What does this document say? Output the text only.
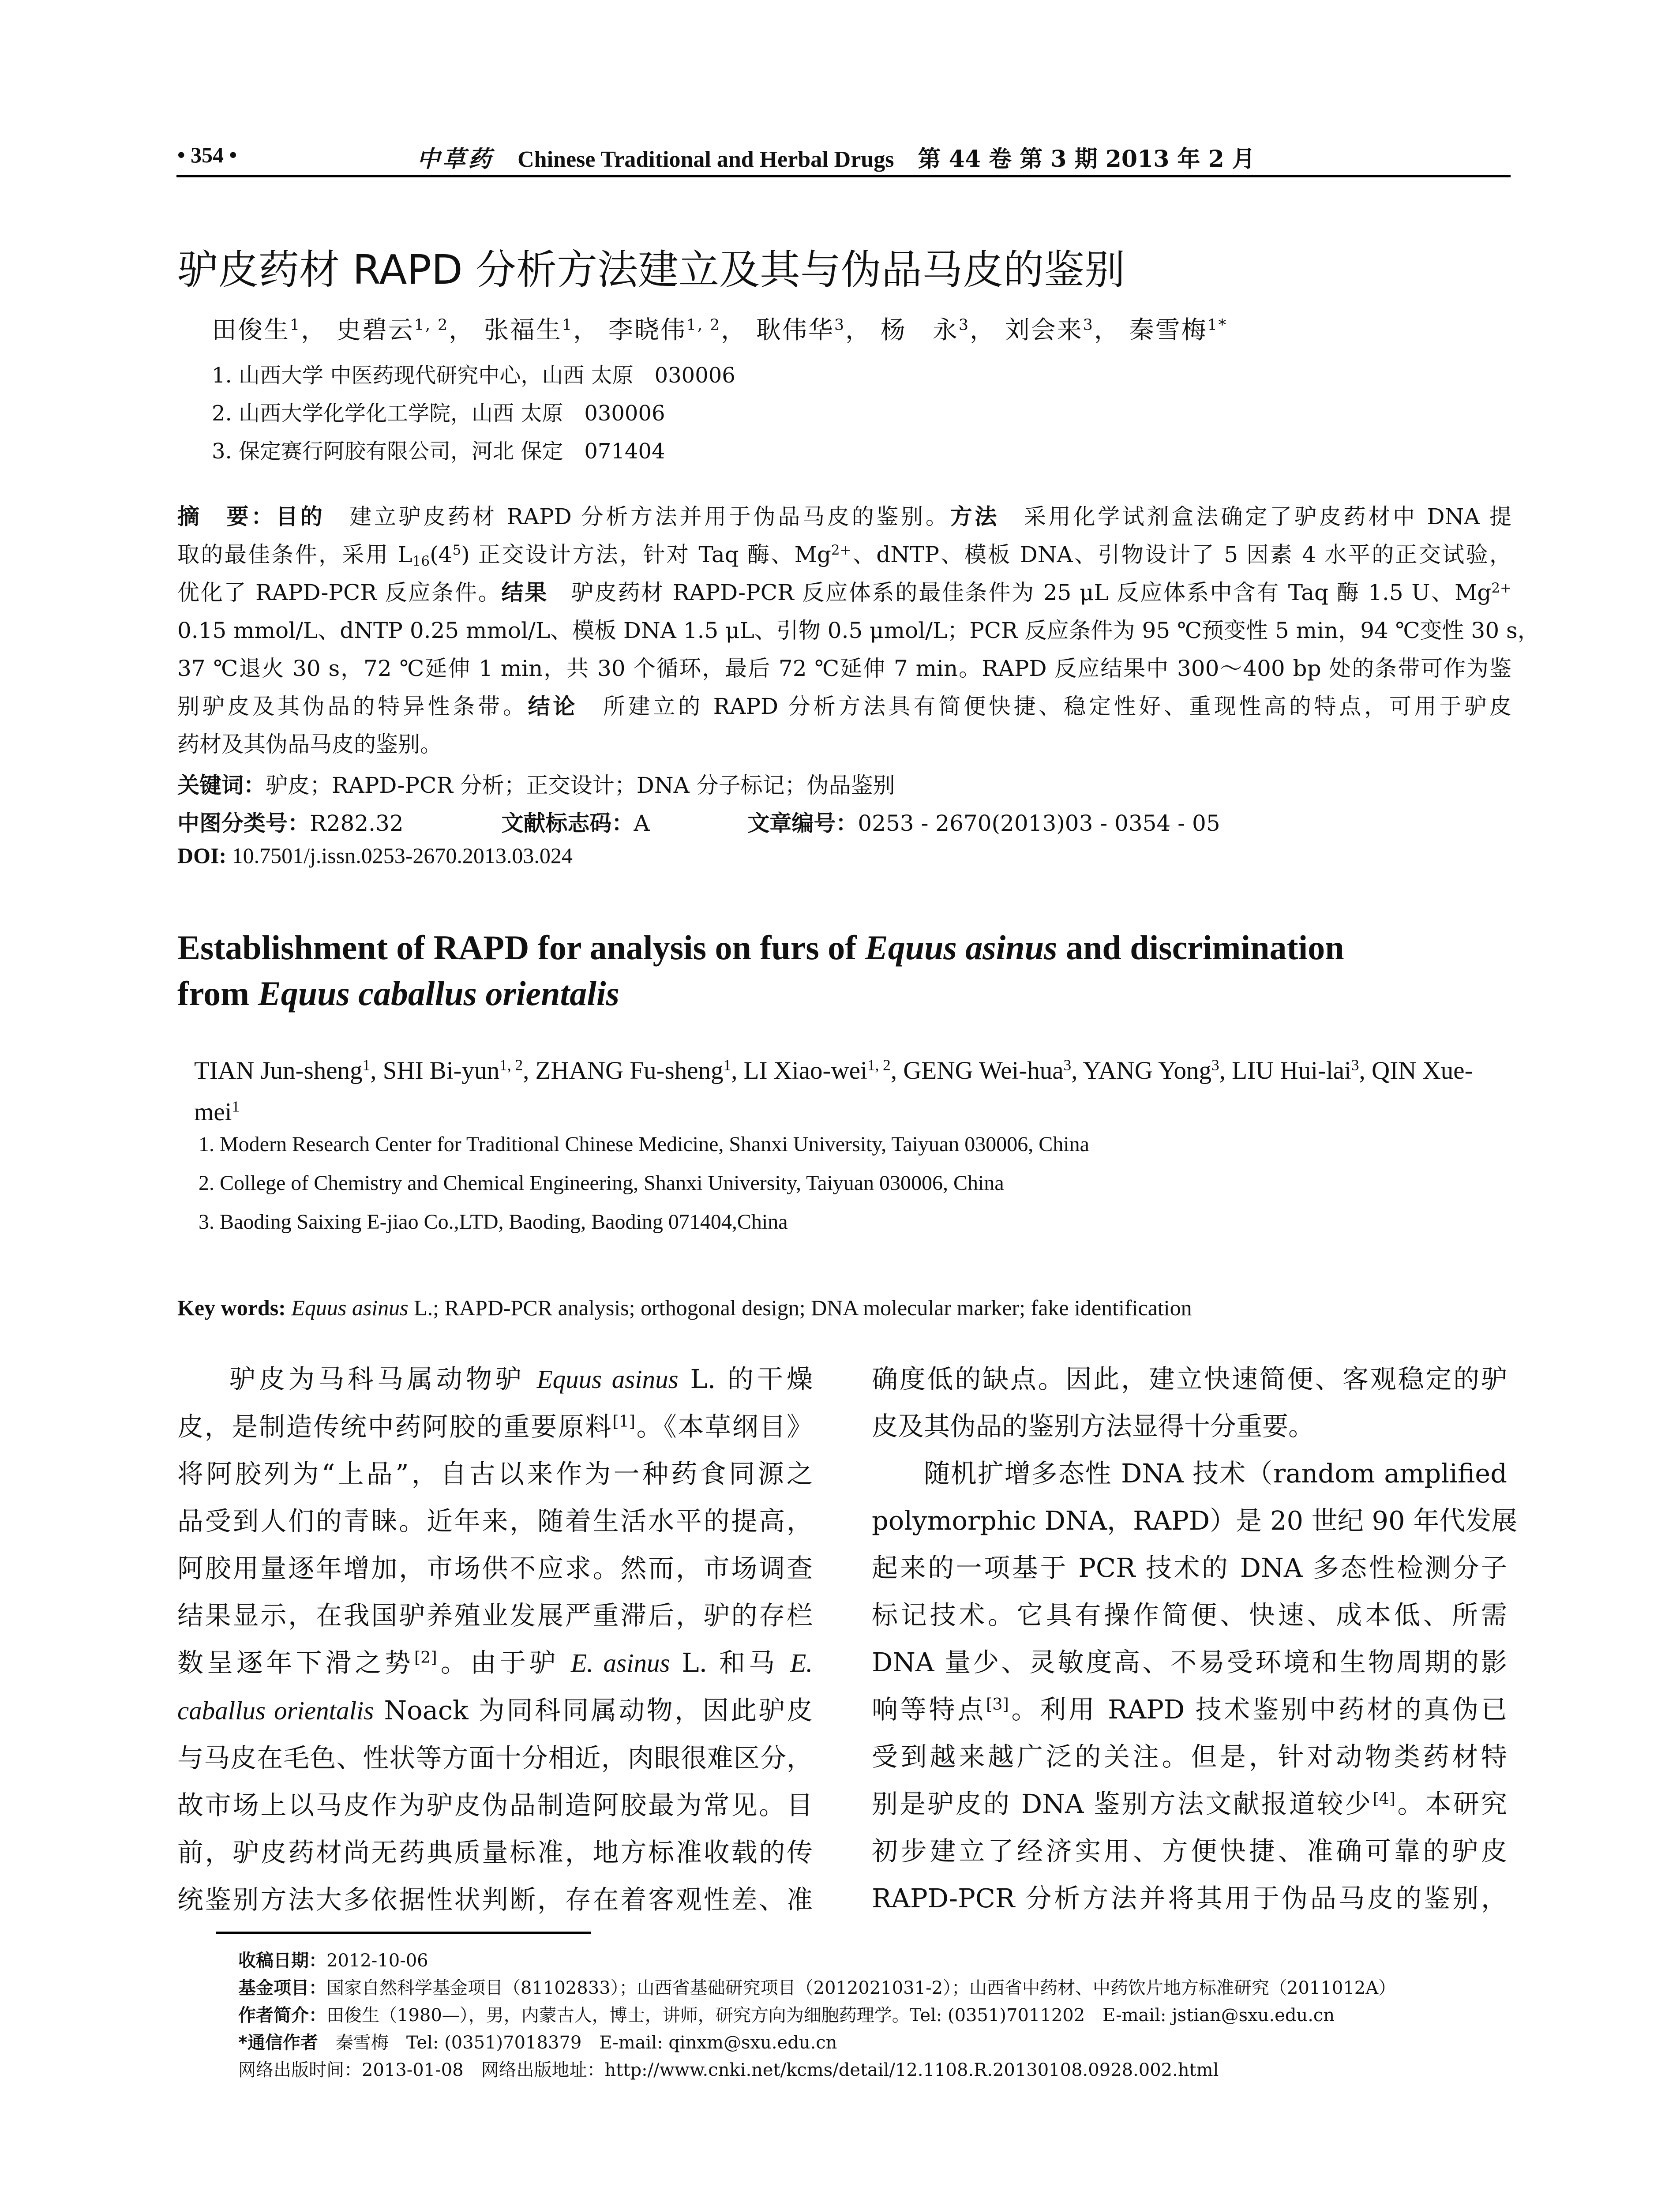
• 354 •	中草药 Chinese Traditional and Herbal Drugs 第 44 卷 第 3 期 2013 年 2 月
驴皮药材 RAPD 分析方法建立及其与伪品马皮的鉴别
田俊生$^1$， 史碧云$^{1, 2}$， 张福生$^1$， 李晓伟$^{1, 2}$， 耿伟华$^3$， 杨　永$^3$， 刘会来$^3$， 秦雪梅$^{1*}$
1. 山西大学 中医药现代研究中心，山西 太原　030006
2. 山西大学化学化工学院，山西 太原　030006
3. 保定赛行阿胶有限公司，河北 保定　071404
摘　要：目的　 建立驴皮药材 RAPD 分析方法并用于伪品马皮的鉴别。方法　 采用化学试剂盒法确定了驴皮药材中 DNA 提
取的最佳条件，采用 $L_{16}(4^5)$ 正交设计方法，针对 Taq 酶、$Mg^{2+}$、dNTP、模板 DNA、引物设计了 5 因素 4 水平的正交试验，
优化了 RAPD-PCR 反应条件。结果　 驴皮药材 RAPD-PCR 反应体系的最佳条件为 25 μL 反应体系中含有 Taq 酶 1.5 U、$Mg^{2+}$
0.15 mmol/L、dNTP 0.25 mmol/L、模板 DNA 1.5 μL、引物 0.5 μmol/L；PCR 反应条件为 95 ℃预变性 5 min，94 ℃变性 30 s，
37 ℃退火 30 s，72 ℃延伸 1 min，共 30 个循环，最后 72 ℃延伸 7 min。RAPD 反应结果中 300～400 bp 处的条带可作为鉴
别驴皮及其伪品的特异性条带。结论　 所建立的 RAPD 分析方法具有简便快捷、稳定性好、重现性高的特点，可用于驴皮
药材及其伪品马皮的鉴别。
关键词：驴皮；RAPD-PCR 分析；正交设计；DNA 分子标记；伪品鉴别
中图分类号：R282.32	文献标志码：A	文章编号：0253 - 2670(2013)03 - 0354 - 05
DOI: 10.7501/j.issn.0253-2670.2013.03.024
Establishment of RAPD for analysis on furs of Equus asinus and discrimination
from Equus caballus orientalis
TIAN Jun-sheng$^1$, SHI Bi-yun$^{1, 2}$, ZHANG Fu-sheng$^1$, LI Xiao-wei$^{1, 2}$, GENG Wei-hua$^3$, YANG Yong$^3$, LIU Hui-lai$^3$, QIN Xue-mei$^1$
1. Modern Research Center for Traditional Chinese Medicine, Shanxi University, Taiyuan 030006, China
2. College of Chemistry and Chemical Engineering, Shanxi University, Taiyuan 030006, China
3. Baoding Saixing E-jiao Co.,LTD, Baoding, Baoding 071404,China
Key words: Equus asinus L.; RAPD-PCR analysis; orthogonal design; DNA molecular marker; fake identification
驴皮为马科马属动物驴 Equus asinus L. 的干燥
皮，是制造传统中药阿胶的重要原料[1]。《本草纲目》
将阿胶列为“上品”，自古以来作为一种药食同源之
品受到人们的青睐。近年来，随着生活水平的提高，
阿胶用量逐年增加，市场供不应求。然而，市场调查
结果显示，在我国驴养殖业发展严重滞后，驴的存栏
数呈逐年下滑之势[2]。由于驴 E. asinus L. 和马 E.
caballus orientalis Noack 为同科同属动物，因此驴皮
与马皮在毛色、性状等方面十分相近，肉眼很难区分，
故市场上以马皮作为驴皮伪品制造阿胶最为常见。目
前，驴皮药材尚无药典质量标准，地方标准收载的传
统鉴别方法大多依据性状判断，存在着客观性差、准
确度低的缺点。因此，建立快速简便、客观稳定的驴
皮及其伪品的鉴别方法显得十分重要。
随机扩增多态性 DNA 技术（random amplified
polymorphic DNA，RAPD）是 20 世纪 90 年代发展
起来的一项基于 PCR 技术的 DNA 多态性检测分子
标记技术。它具有操作简便、快速、成本低、所需
DNA 量少、灵敏度高、不易受环境和生物周期的影
响等特点[3]。利用 RAPD 技术鉴别中药材的真伪已
受到越来越广泛的关注。但是，针对动物类药材特
别是驴皮的 DNA 鉴别方法文献报道较少[4]。本研究
初步建立了经济实用、方便快捷、准确可靠的驴皮
RAPD-PCR 分析方法并将其用于伪品马皮的鉴别，
收稿日期：2012-10-06
基金项目：国家自然科学基金项目（81102833）；山西省基础研究项目（2012021031-2）；山西省中药材、中药饮片地方标准研究（2011012A）
作者简介：田俊生（1980—），男，内蒙古人，博士，讲师，研究方向为细胞药理学。Tel: (0351)7011202　E-mail: jstian@sxu.edu.cn
*通信作者　 秦雪梅　Tel: (0351)7018379　E-mail: qinxm@sxu.edu.cn
网络出版时间：2013-01-08　网络出版地址：http://www.cnki.net/kcms/detail/12.1108.R.20130108.0928.002.html
